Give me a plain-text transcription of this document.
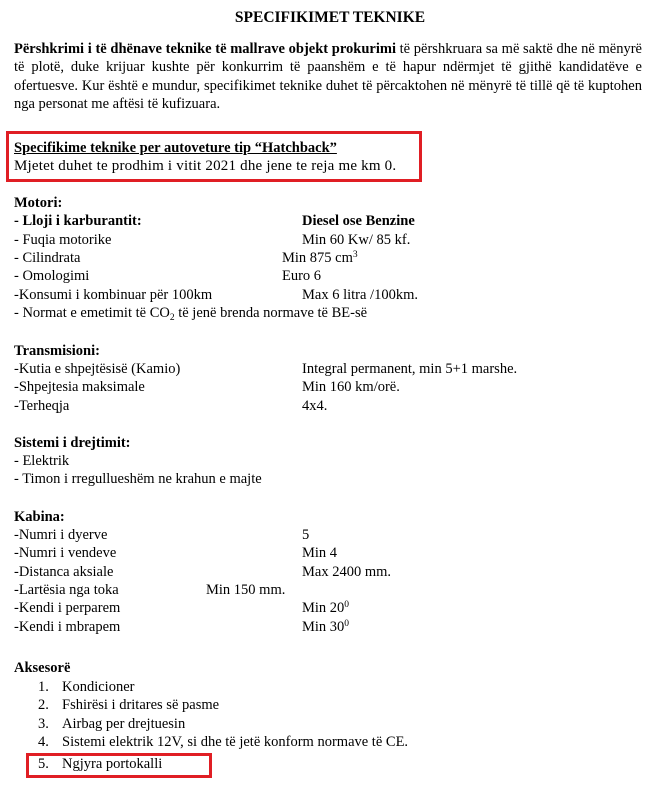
SPECIFIKIMET TEKNIKE
Përshkrimi i të dhënave teknike të mallrave objekt prokurimi të përshkruara sa më saktë dhe në mënyrë të plotë, duke krijuar kushte për konkurrim të paanshëm e të hapur ndërmjet të gjithë kandidatëve e ofertuesve. Kur është e mundur, specifikimet teknike duhet të përcaktohen në mënyrë të tillë që të kuptohen nga personat me aftësi të kufizuara.
Specifikime teknike per autoveture tip “Hatchback”
Mjetet duhet te prodhim i vitit 2021 dhe jene te reja me km 0.
Motori:
- Lloji i karburantit:	Diesel ose Benzine
- Fuqia motorike	Min 60 Kw/ 85 kf.
- Cilindrata	Min 875 $cm^3$
- Omologimi	Euro 6
-Konsumi i kombinuar për 100km	Max 6 litra /100km.
- Normat e emetimit të $CO_2$ të jenë brenda normave të BE-së
Transmisioni:
-Kutia e shpejtësisë (Kamio)	Integral permanent, min 5+1 marshe.
-Shpejtesia maksimale	Min 160 km/orë.
-Terheqja	4x4.
Sistemi i drejtimit:
- Elektrik
- Timon i rregullueshëm ne krahun e majte
Kabina:
-Numri i dyerve	5
-Numri i vendeve	Min 4
-Distanca aksiale	Max 2400 mm.
-Lartësia nga toka	Min 150 mm.
-Kendi i perparem	Min $20^0$
-Kendi i mbrapem	Min $30^0$
Aksesorë
1. Kondicioner
2. Fshirësi i dritares së pasme
3. Airbag per drejtuesin
4. Sistemi elektrik 12V, si dhe të jetë konform normave të CE.
5. Ngjyra portokalli
